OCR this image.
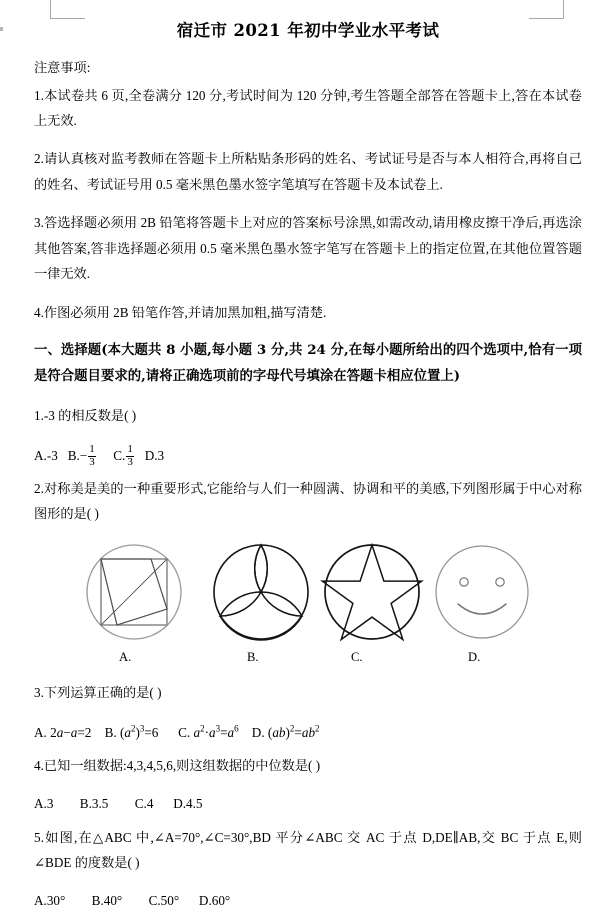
宿迁市 2021 年初中学业水平考试
注意事项:

1.本试卷共 6 页,全卷满分 120 分,考试时间为 120 分钟,考生答题全部答在答题卡上,答在本试卷上无效.

2.请认真核对监考教师在答题卡上所粘贴条形码的姓名、考试证号是否与本人相符合,再将自己的姓名、考试证号用 0.5 毫米黑色墨水签字笔填写在答题卡及本试卷上.

3.答选择题必须用 2B 铅笔将答题卡上对应的答案标号涂黑,如需改动,请用橡皮擦干净后,再选涂其他答案,答非选择题必须用 0.5 毫米黑色墨水签字笔写在答题卡上的指定位置,在其他位置答题一律无效.

4.作图必须用 2B 铅笔作答,并请加黑加粗,描写清楚.

一、选择题(本大题共 8 小题,每小题 3 分,共 24 分,在每小题所给出的四个选项中,恰有一项是符合题目要求的,请将正确选项前的字母代号填涂在答题卡相应位置上)

1.-3 的相反数是( )

A.-3 $B.- \frac{1}{3} C$. $\frac{1}{3} D.3$

2.对称美是美的一种重要形式,它能给与人们一种圆满、协调和平的美感,下列图形属于中心对称图形的是( )

A.	B.	C.	D.

3.下列运算正确的是( )

A. 2a−a=2 B. $(a^2)^3=6$ C. $a^2\cdot a^3=a^6$ D. $(ab)^2=ab^2$

4.已知一组数据:4,3,4,5,6,则这组数据的中位数是( )

A.3        B.3.5        C.4      D.4.5

5.如图,在△ABC 中,∠A=70°,∠C=30°,BD 平分∠ABC 交 AC 于点 D,DE∥AB,交 BC 于点 E,则∠BDE 的度数是( )

A.30°        B.40°        C.50°      D.60°
